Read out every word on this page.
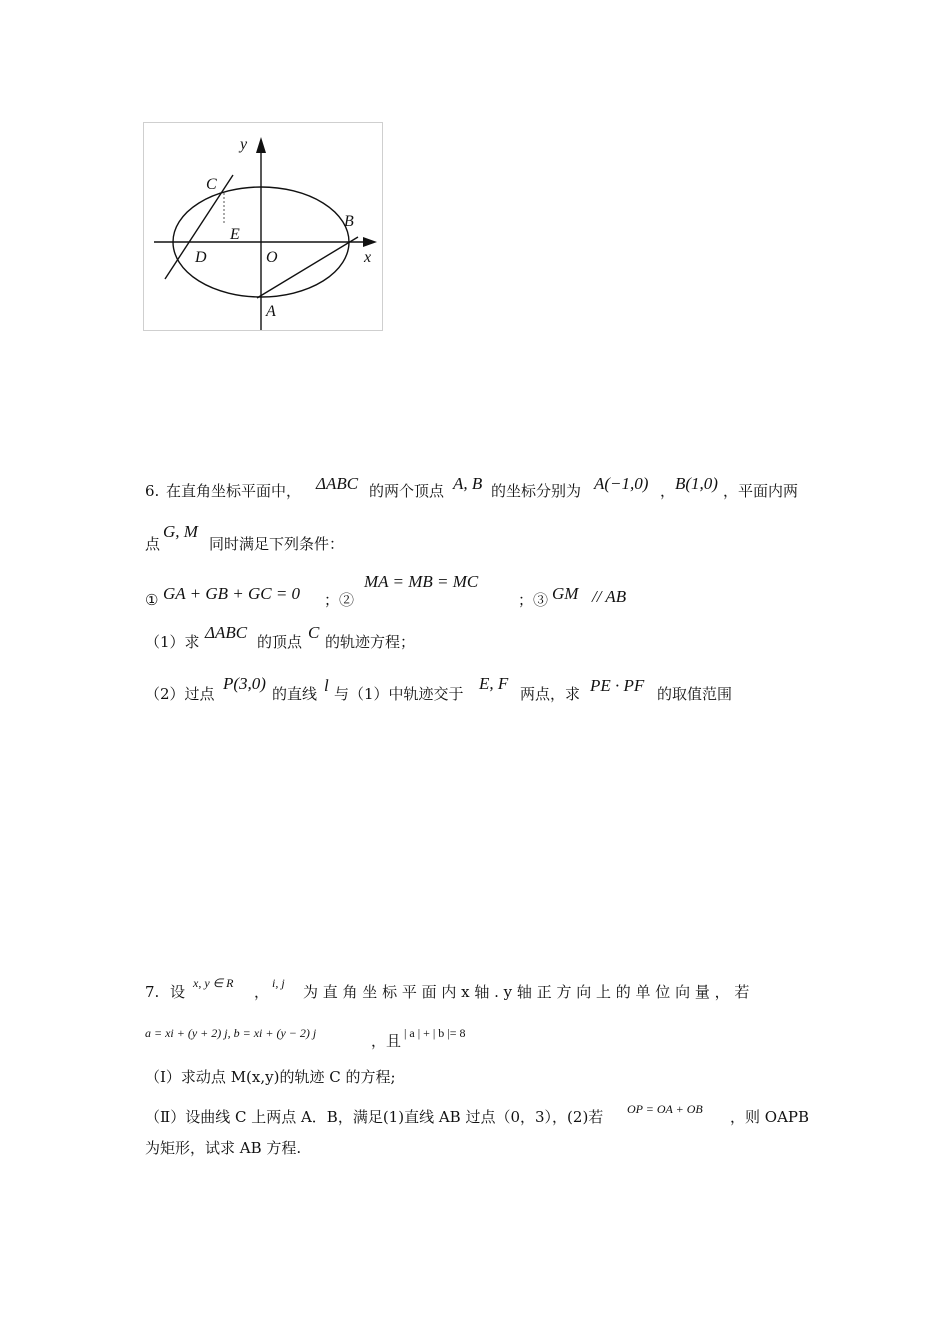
y
x
C
B
E
D	O
A
6. 在直角坐标平面中， ΔABC 的两个顶点 A, B 的坐标分别为 A(−1,0) ， B(1,0) ，平面内两
点
G, M
同时满足下列条件：
① GA + GB + GC = 0 ；②
MA = MB = MC
；③ GM // AB
（1）求 ΔABC 的顶点 C 的轨迹方程；
（2）过点
P(3,0)
的直线 l 与（1）中轨迹交于
E, F
两点，求 PE · PF 的取值范围
7. 设 x, y ∈ R ， i, j 为 直 角 坐 标 平 面 内 x 轴 . y 轴 正 方 向 上 的 单 位 向 量 ， 若
a = xi + (y + 2) j, b = xi + (y − 2) j	，且 | a | + | b |= 8
（Ⅰ）求动点 M(x,y)的轨迹 C 的方程;
（Ⅱ）设曲线 C 上两点 A．B，满足(1)直线 AB 过点（0，3），(2)若 OP = OA + OB ，则 OAPB
为矩形，试求 AB 方程.
